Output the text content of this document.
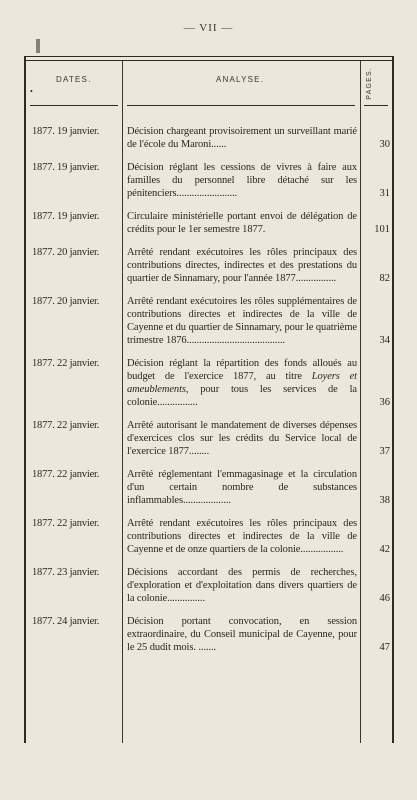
— VII —
DATES.	ANALYSE.	PAGES.
•
1877. 19 janvier.	Décision chargeant provisoirement un surveillant marié de l'école du Maroni......	30
1877. 19 janvier.	Décision réglant les cessions de vivres à faire aux familles du personnel libre détaché sur les pénitenciers........................	31
1877. 19 janvier.	Circulaire ministérielle portant envoi de délégation de crédits pour le 1er semestre 1877.	101
1877. 20 janvier.	Arrêté rendant exécutoires les rôles principaux des contributions directes, indirectes et des prestations du quartier de Sinnamary, pour l'année 1877................	82
1877. 20 janvier.	Arrêté rendant exécutoires les rôles supplémentaires de contributions directes et indirectes de la ville de Cayenne et du quartier de Sinnamary, pour le quatrième trimestre 1876.......................................	34
1877. 22 janvier.	Décision réglant la répartition des fonds alloués au budget de l'exercice 1877, au titre Loyers et ameublements, pour tous les services de la colonie................	36
1877. 22 janvier.	Arrêté autorisant le mandatement de diverses dépenses d'exercices clos sur les crédits du Service local de l'exercice 1877........	37
1877. 22 janvier.	Arrêté réglementant l'emmagasinage et la circulation d'un certain nombre de substances inflammables...................	38
1877. 22 janvier.	Arrêté rendant exécutoires les rôles principaux des contributions directes et indirectes de la ville de Cayenne et de onze quartiers de la colonie.................	42
1877. 23 janvier.	Décisions accordant des permis de recherches, d'exploration et d'exploitation dans divers quartiers de la colonie...............	46
1877. 24 janvier.	Décision portant convocation, en session extraordinaire, du Conseil municipal de Cayenne, pour le 25 dudit mois. .......	47
